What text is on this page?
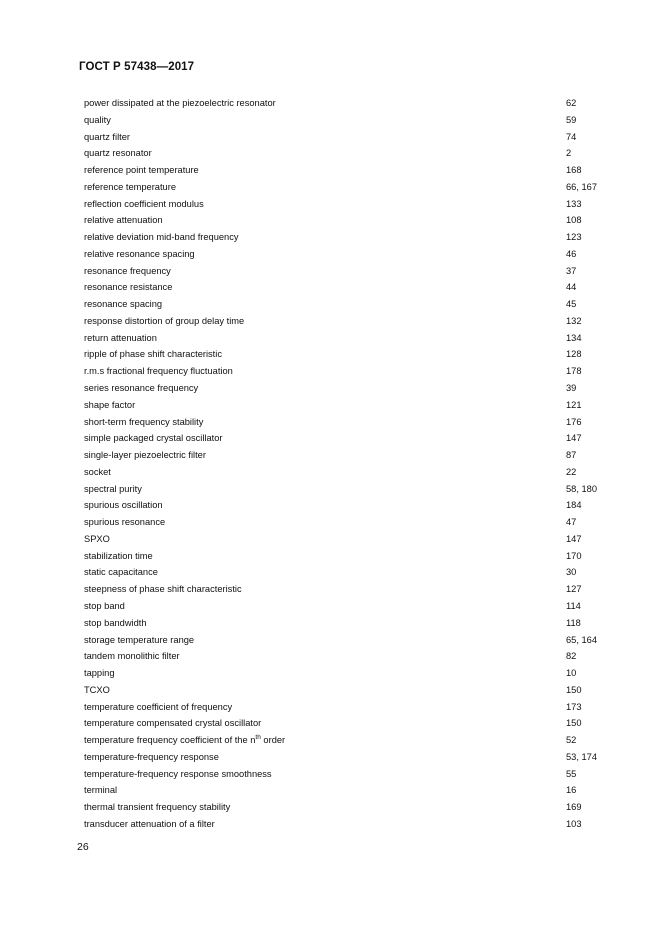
ГОСТ Р 57438—2017
power dissipated at the piezoelectric resonator	62
quality	59
quartz filter	74
quartz resonator	2
reference point temperature	168
reference temperature	66, 167
reflection coefficient modulus	133
relative attenuation	108
relative deviation mid-band frequency	123
relative resonance spacing	46
resonance frequency	37
resonance resistance	44
resonance spacing	45
response distortion of group delay time	132
return attenuation	134
ripple of phase shift characteristic	128
r.m.s fractional frequency fluctuation	178
series resonance frequency	39
shape factor	121
short-term frequency stability	176
simple packaged crystal oscillator	147
single-layer piezoelectric filter	87
socket	22
spectral purity	58, 180
spurious oscillation	184
spurious resonance	47
SPXO	147
stabilization time	170
static capacitance	30
steepness of phase shift characteristic	127
stop band	114
stop bandwidth	118
storage temperature range	65, 164
tandem monolithic filter	82
tapping	10
TCXO	150
temperature coefficient of frequency	173
temperature compensated crystal oscillator	150
temperature frequency coefficient of the $n^{th}$ order	52
temperature-frequency response	53, 174
temperature-frequency response smoothness	55
terminal	16
thermal transient frequency stability	169
transducer attenuation of a filter	103
26
